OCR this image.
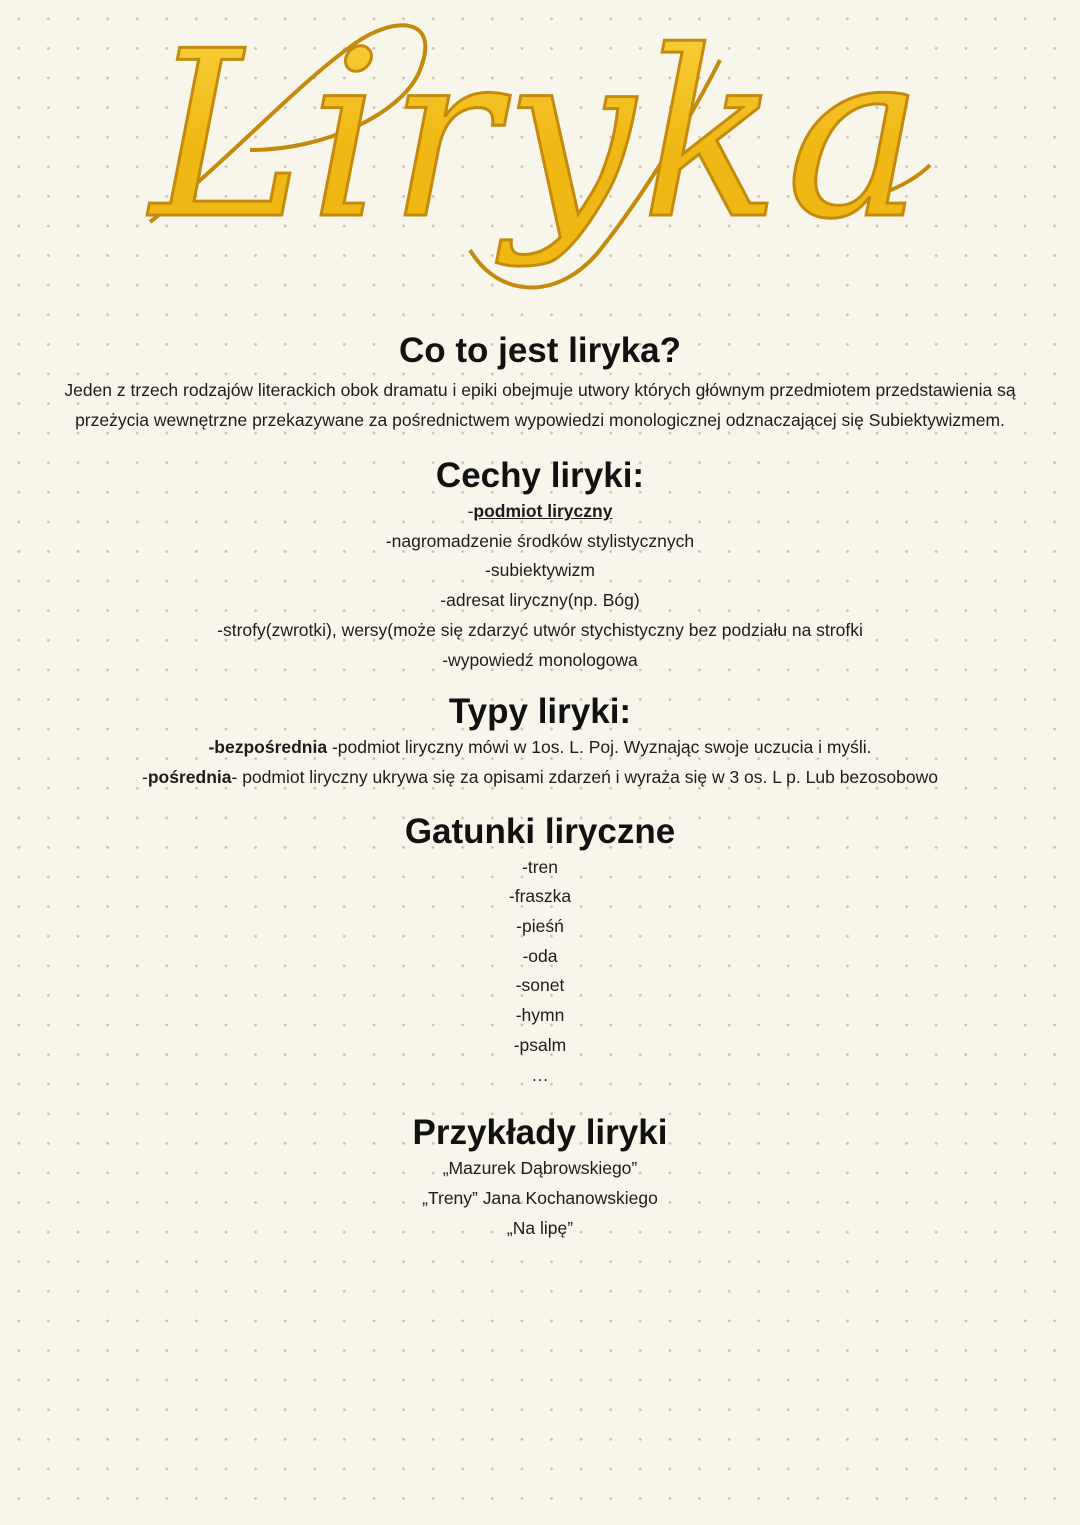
Liryka
Co to jest liryka?

Jeden z trzech rodzajów literackich obok dramatu i epiki obejmuje utwory których głównym przedmiotem przedstawienia są przeżycia wewnętrzne przekazywane za pośrednictwem wypowiedzi monologicznej odznaczającej się Subiektywizmem.

Cechy liryki:

-podmiot liryczny

-nagromadzenie środków stylistycznych

-subiektywizm

-adresat liryczny(np. Bóg)

-strofy(zwrotki), wersy(może się zdarzyć utwór stychistyczny bez podziału na strofki

-wypowiedź monologowa

Typy liryki:

-bezpośrednia -podmiot liryczny mówi w 1os. L. Poj. Wyznając swoje uczucia i myśli.

-pośrednia- podmiot liryczny ukrywa się za opisami zdarzeń i wyraża się w 3 os. L p. Lub bezosobowo

Gatunki liryczne

-tren

-fraszka

-pieśń

-oda

-sonet

-hymn

-psalm

…

Przykłady liryki

„Mazurek Dąbrowskiego”

„Treny” Jana Kochanowskiego

„Na lipę”
